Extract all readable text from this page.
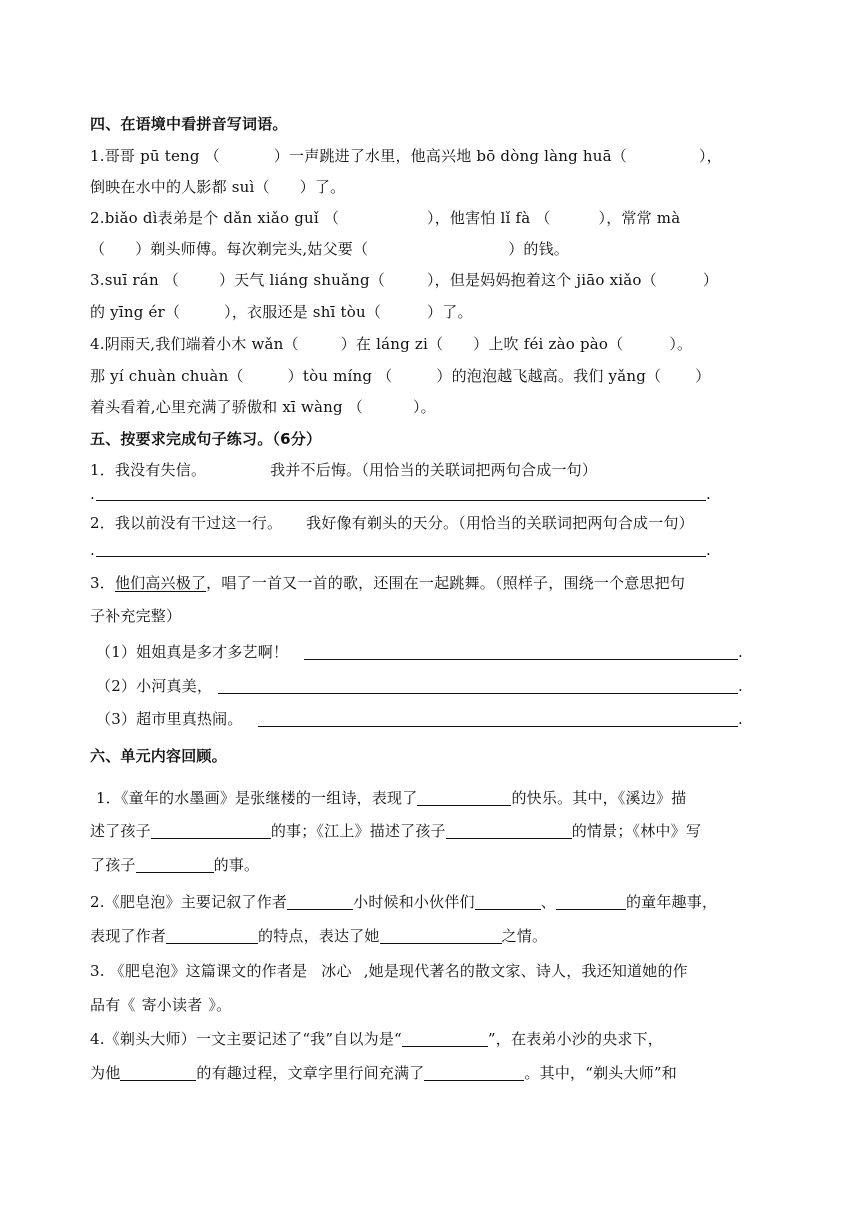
四、在语境中看拼音写词语。
1.哥哥 pū teng （	）一声跳进了水里，他高兴地 bō dòng làng huā（	），
倒映在水中的人影都 suì（ ）了。
2.biǎo dì表弟是个 dǎn xiǎo guǐ （	），他害怕 lǐ fà （	），常常 mà
（ ）剃头师傅。每次剃完头,姑父要（	）的钱。
3.suī rán （	）天气 liáng shuǎng（	），但是妈妈抱着这个 jiāo xiǎo（	）
的 yīng ér（	），衣服还是 shī tòu（	）了。
4.阴雨天,我们端着小木 wǎn（	）在 láng zi（ ）上吹 féi zào pào（	）。
那 yí chuàn chuàn（	）tòu míng （	）的泡泡越飞越高。我们 yǎng（ ）
着头看着,心里充满了骄傲和 xī wàng （	）。
五、按要求完成句子练习。（6分）
1．我没有失信。	我并不后悔。（用恰当的关联词把两句合成一句）
.	.
2．我以前没有干过这一行。 我好像有剃头的天分。（用恰当的关联词把两句合成一句）
.	.
3．他们高兴极了，唱了一首又一首的歌，还围在一起跳舞。（照样子，围绕一个意思把句
子补充完整）
（1）姐姐真是多才多艺啊！	.
（2）小河真美，	.
（3）超市里真热闹。	.
六、单元内容回顾。
1．《童年的水墨画》是张继楼的一组诗，表现了	的快乐。其中，《溪边》描
述了孩子	的事；《江上》描述了孩子	的情景；《林中》写
了孩子	的事。
2.《肥皂泡》主要记叙了作者	小时候和小伙伴们	、	的童年趣事，
表现了作者	的特点，表达了她	之情。
3. 《肥皂泡》这篇课文的作者是 冰心 ,她是现代著名的散文家、诗人，我还知道她的作
品有《 寄小读者 》。
4.《剃头大师）一文主要记述了“我”自以为是“	”，在表弟小沙的央求下，
为他	的有趣过程，文章字里行间充满了	。其中，“剃头大师”和
